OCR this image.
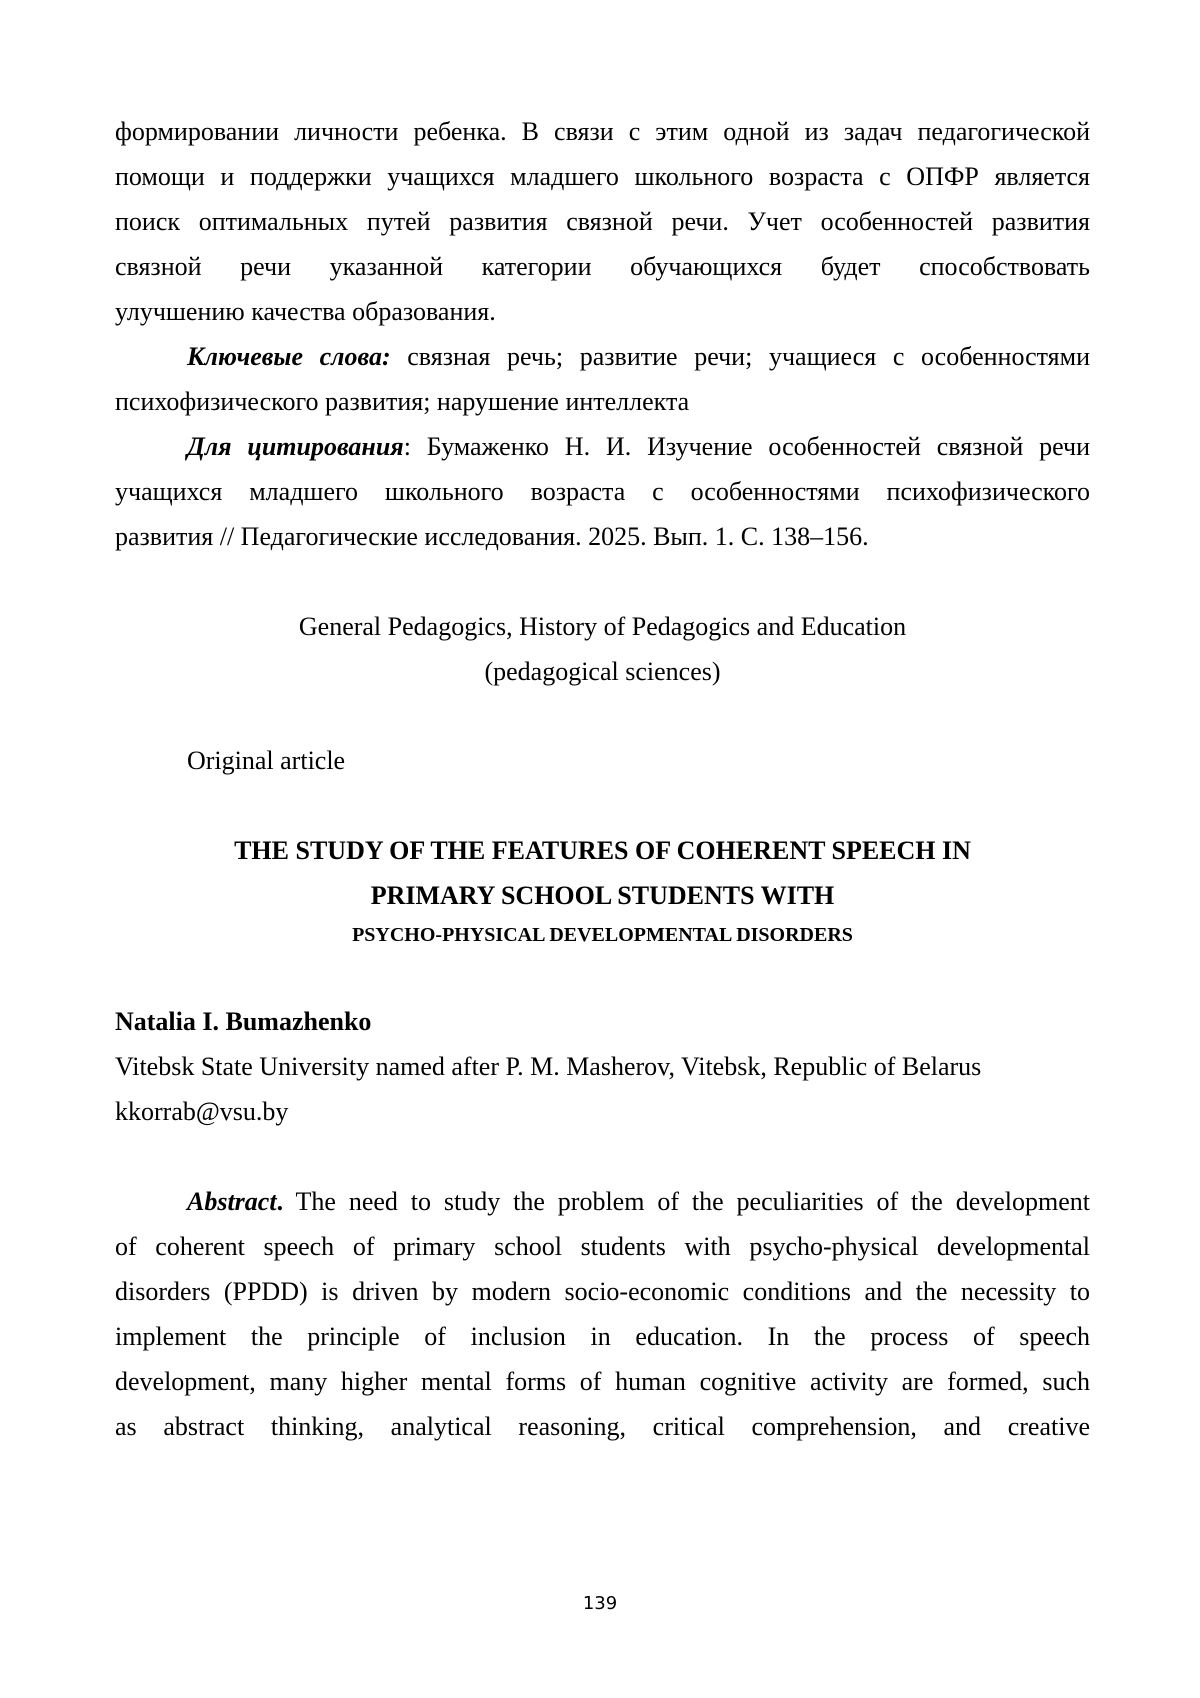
формировании личности ребенка. В связи с этим одной из задач педагогической
помощи и поддержки учащихся младшего школьного возраста с ОПФР является
поиск оптимальных путей развития связной речи. Учет особенностей развития
связной речи указанной категории обучающихся будет способствовать
улучшению качества образования.
Ключевые слова: связная речь; развитие речи; учащиеся с особенностями
психофизического развития; нарушение интеллекта
Для цитирования: Бумаженко Н. И. Изучение особенностей связной речи
учащихся младшего школьного возраста с особенностями психофизического
развития // Педагогические исследования. 2025. Вып. 1. С. 138–156.
General Pedagogics, History of Pedagogics and Education
(pedagogical sciences)
Original article
THE STUDY OF THE FEATURES OF COHERENT SPEECH IN
PRIMARY SCHOOL STUDENTS WITH
PSYCHO-PHYSICAL DEVELOPMENTAL DISORDERS
Natalia I. Bumazhenko
Vitebsk State University named after P. M. Masherov, Vitebsk, Republic of Belarus
kkorrab@vsu.by
Abstract. The need to study the problem of the peculiarities of the development
of coherent speech of primary school students with psycho-physical developmental
disorders (PPDD) is driven by modern socio-economic conditions and the necessity to
implement the principle of inclusion in education. In the process of speech
development, many higher mental forms of human cognitive activity are formed, such
as abstract thinking, analytical reasoning, critical comprehension, and creative
139
